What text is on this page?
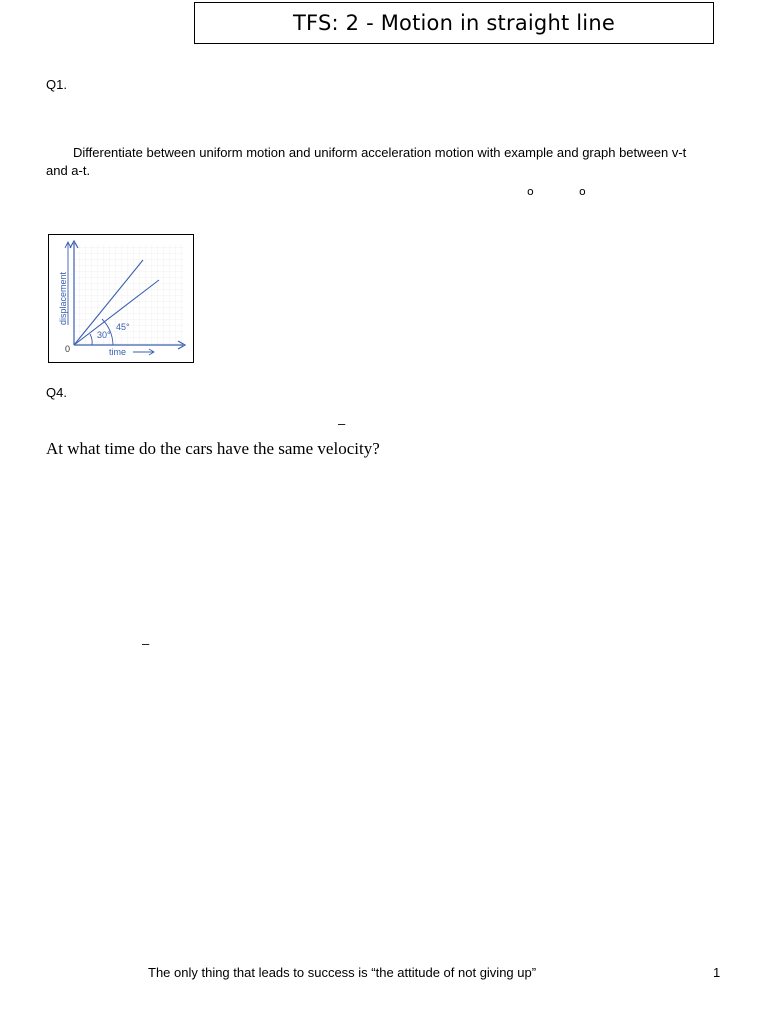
TFS: 2 - Motion in straight line
Q1.
Differentiate between uniform motion and uniform acceleration motion with example and graph between v-t and a-t.
o	o
30°
45°
0	time
displacement
Q4.
–
At what time do the cars have the same velocity?
–
The only thing that leads to success is “the attitude of not giving up”	1
